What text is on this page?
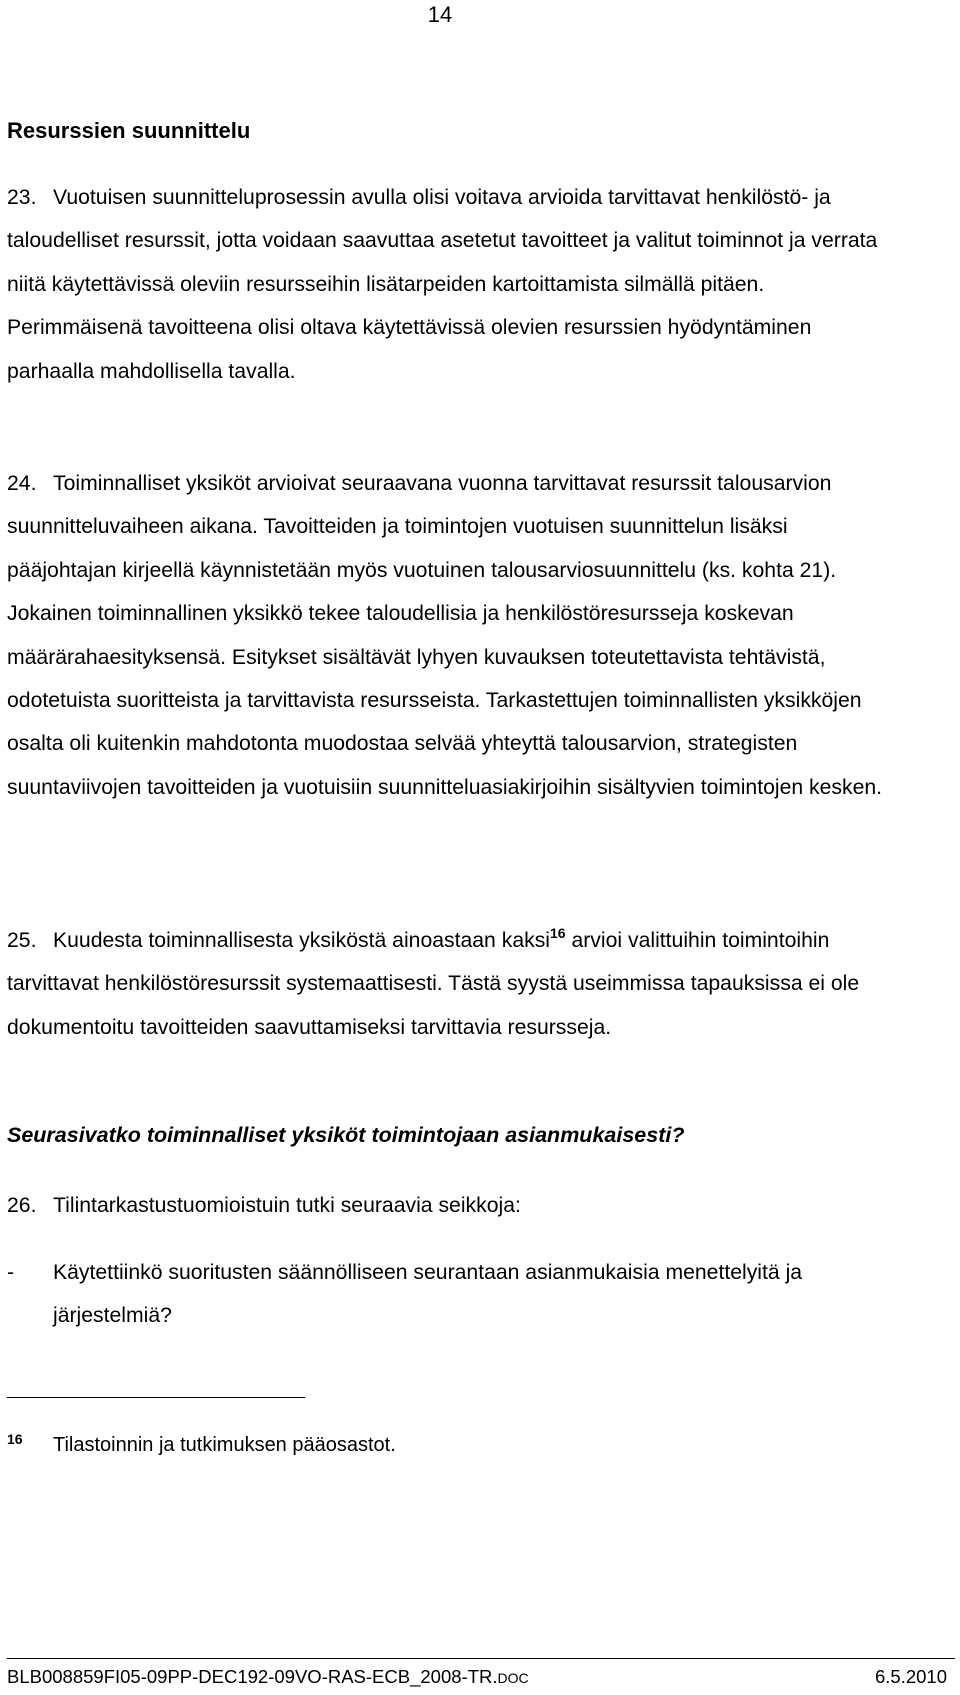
14
Resurssien suunnittelu

23. Vuotuisen suunnitteluprosessin avulla olisi voitava arvioida tarvittavat henkilöstö- ja taloudelliset resurssit, jotta voidaan saavuttaa asetetut tavoitteet ja valitut toiminnot ja verrata niitä käytettävissä oleviin resursseihin lisätarpeiden kartoittamista silmällä pitäen. Perimmäisenä tavoitteena olisi oltava käytettävissä olevien resurssien hyödyntäminen parhaalla mahdollisella tavalla.

24. Toiminnalliset yksiköt arvioivat seuraavana vuonna tarvittavat resurssit talousarvion suunnitteluvaiheen aikana. Tavoitteiden ja toimintojen vuotuisen suunnittelun lisäksi pääjohtajan kirjeellä käynnistetään myös vuotuinen talousarviosuunnittelu (ks. kohta 21). Jokainen toiminnallinen yksikkö tekee taloudellisia ja henkilöstöresursseja koskevan määrärahaesityksensä. Esitykset sisältävät lyhyen kuvauksen toteutettavista tehtävistä, odotetuista suoritteista ja tarvittavista resursseista. Tarkastettujen toiminnallisten yksikköjen osalta oli kuitenkin mahdotonta muodostaa selvää yhteyttä talousarvion, strategisten suuntaviivojen tavoitteiden ja vuotuisiin suunnitteluasiakirjoihin sisältyvien toimintojen kesken.

25. Kuudesta toiminnallisesta yksiköstä ainoastaan kaksi$^{16}$ arvioi valittuihin toimintoihin tarvittavat henkilöstöresurssit systemaattisesti. Tästä syystä useimmissa tapauksissa ei ole dokumentoitu tavoitteiden saavuttamiseksi tarvittavia resursseja.

Seurasivatko toiminnalliset yksiköt toimintojaan asianmukaisesti?

26. Tilintarkastustuomioistuin tutki seuraavia seikkoja:

- Käytettiinkö suoritusten säännölliseen seurantaan asianmukaisia menettelyitä ja järjestelmiä?
16 Tilastoinnin ja tutkimuksen pääosastot.
BLB008859FI05-09PP-DEC192-09VO-RAS-ECB_2008-TR.DOC	6.5.2010
